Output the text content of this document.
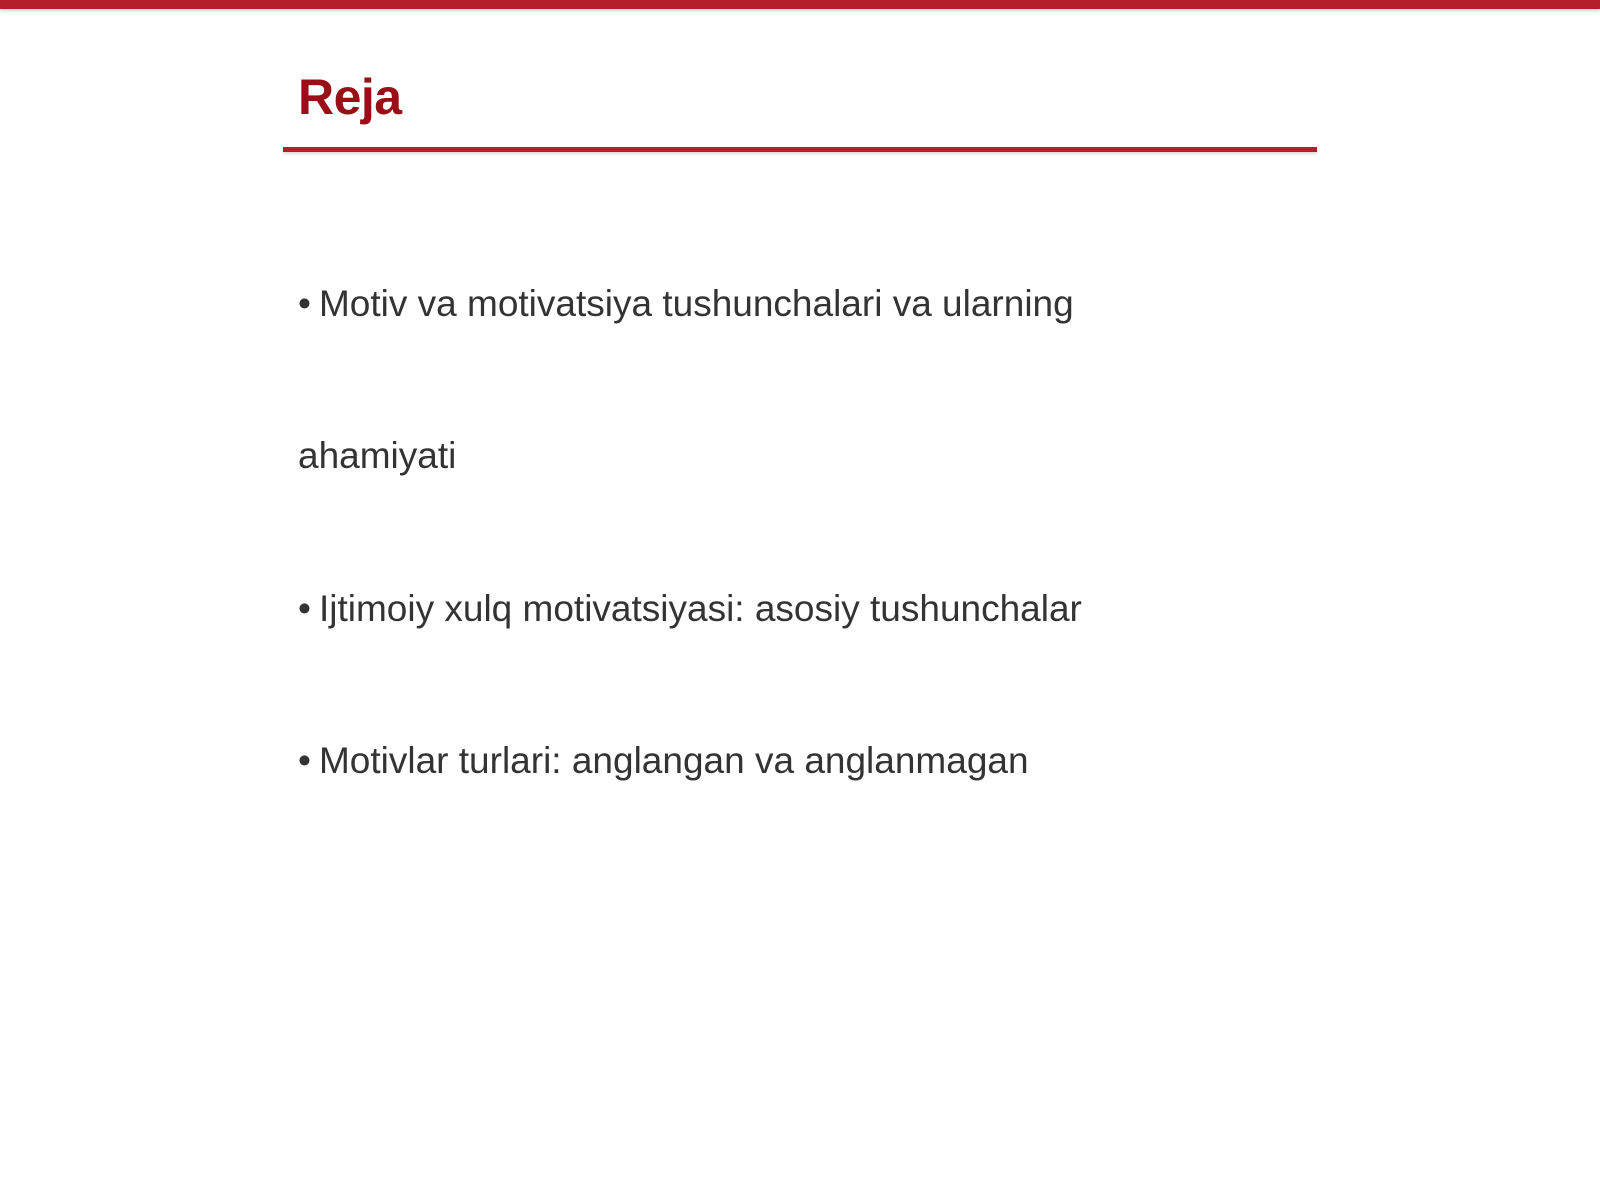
Reja

• Motiv va motivatsiya tushunchalari va ularning

ahamiyati

• Ijtimoiy xulq motivatsiyasi: asosiy tushunchalar

• Motivlar turlari: anglangan va anglanmagan
